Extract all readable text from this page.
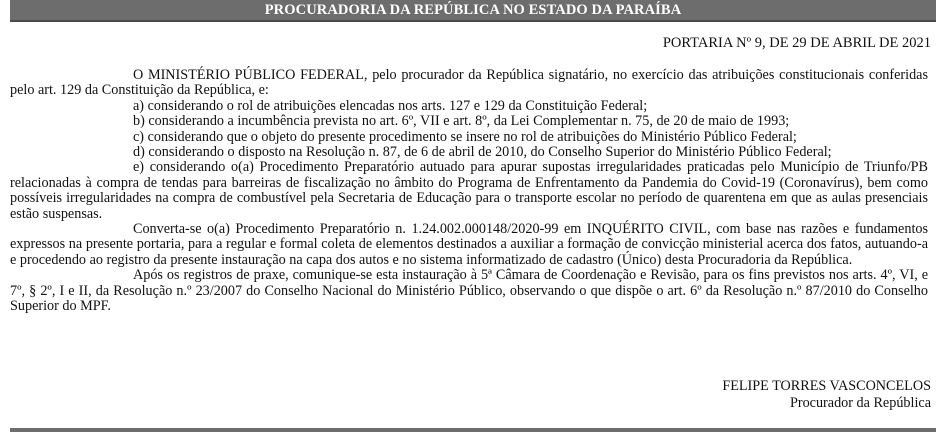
PROCURADORIA DA REPÚBLICA NO ESTADO DA PARAÍBA
PORTARIA Nº 9, DE 29 DE ABRIL DE 2021

O MINISTÉRIO PÚBLICO FEDERAL, pelo procurador da República signatário, no exercício das atribuições constitucionais conferidas pelo art. 129 da Constituição da República, e:

a) considerando o rol de atribuições elencadas nos arts. 127 e 129 da Constituição Federal;

b) considerando a incumbência prevista no art. 6º, VII e art. 8º, da Lei Complementar n. 75, de 20 de maio de 1993;

c) considerando que o objeto do presente procedimento se insere no rol de atribuições do Ministério Público Federal;

d) considerando o disposto na Resolução n. 87, de 6 de abril de 2010, do Conselho Superior do Ministério Público Federal;

e) considerando o(a) Procedimento Preparatório autuado para apurar supostas irregularidades praticadas pelo Município de Triunfo/PB relacionadas à compra de tendas para barreiras de fiscalização no âmbito do Programa de Enfrentamento da Pandemia do Covid-19 (Coronavírus), bem como possíveis irregularidades na compra de combustível pela Secretaria de Educação para o transporte escolar no período de quarentena em que as aulas presenciais estão suspensas.

Converta-se o(a) Procedimento Preparatório n. 1.24.002.000148/2020-99 em INQUÉRITO CIVIL, com base nas razões e fundamentos expressos na presente portaria, para a regular e formal coleta de elementos destinados a auxiliar a formação de convicção ministerial acerca dos fatos, autuando-a e procedendo ao registro da presente instauração na capa dos autos e no sistema informatizado de cadastro (Único) desta Procuradoria da República.

Após os registros de praxe, comunique-se esta instauração à 5ª Câmara de Coordenação e Revisão, para os fins previstos nos arts. 4º, VI, e 7º, § 2º, I e II, da Resolução n.º 23/2007 do Conselho Nacional do Ministério Público, observando o que dispõe o art. 6º da Resolução n.º 87/2010 do Conselho Superior do MPF.

FELIPE TORRES VASCONCELOS
Procurador da República
